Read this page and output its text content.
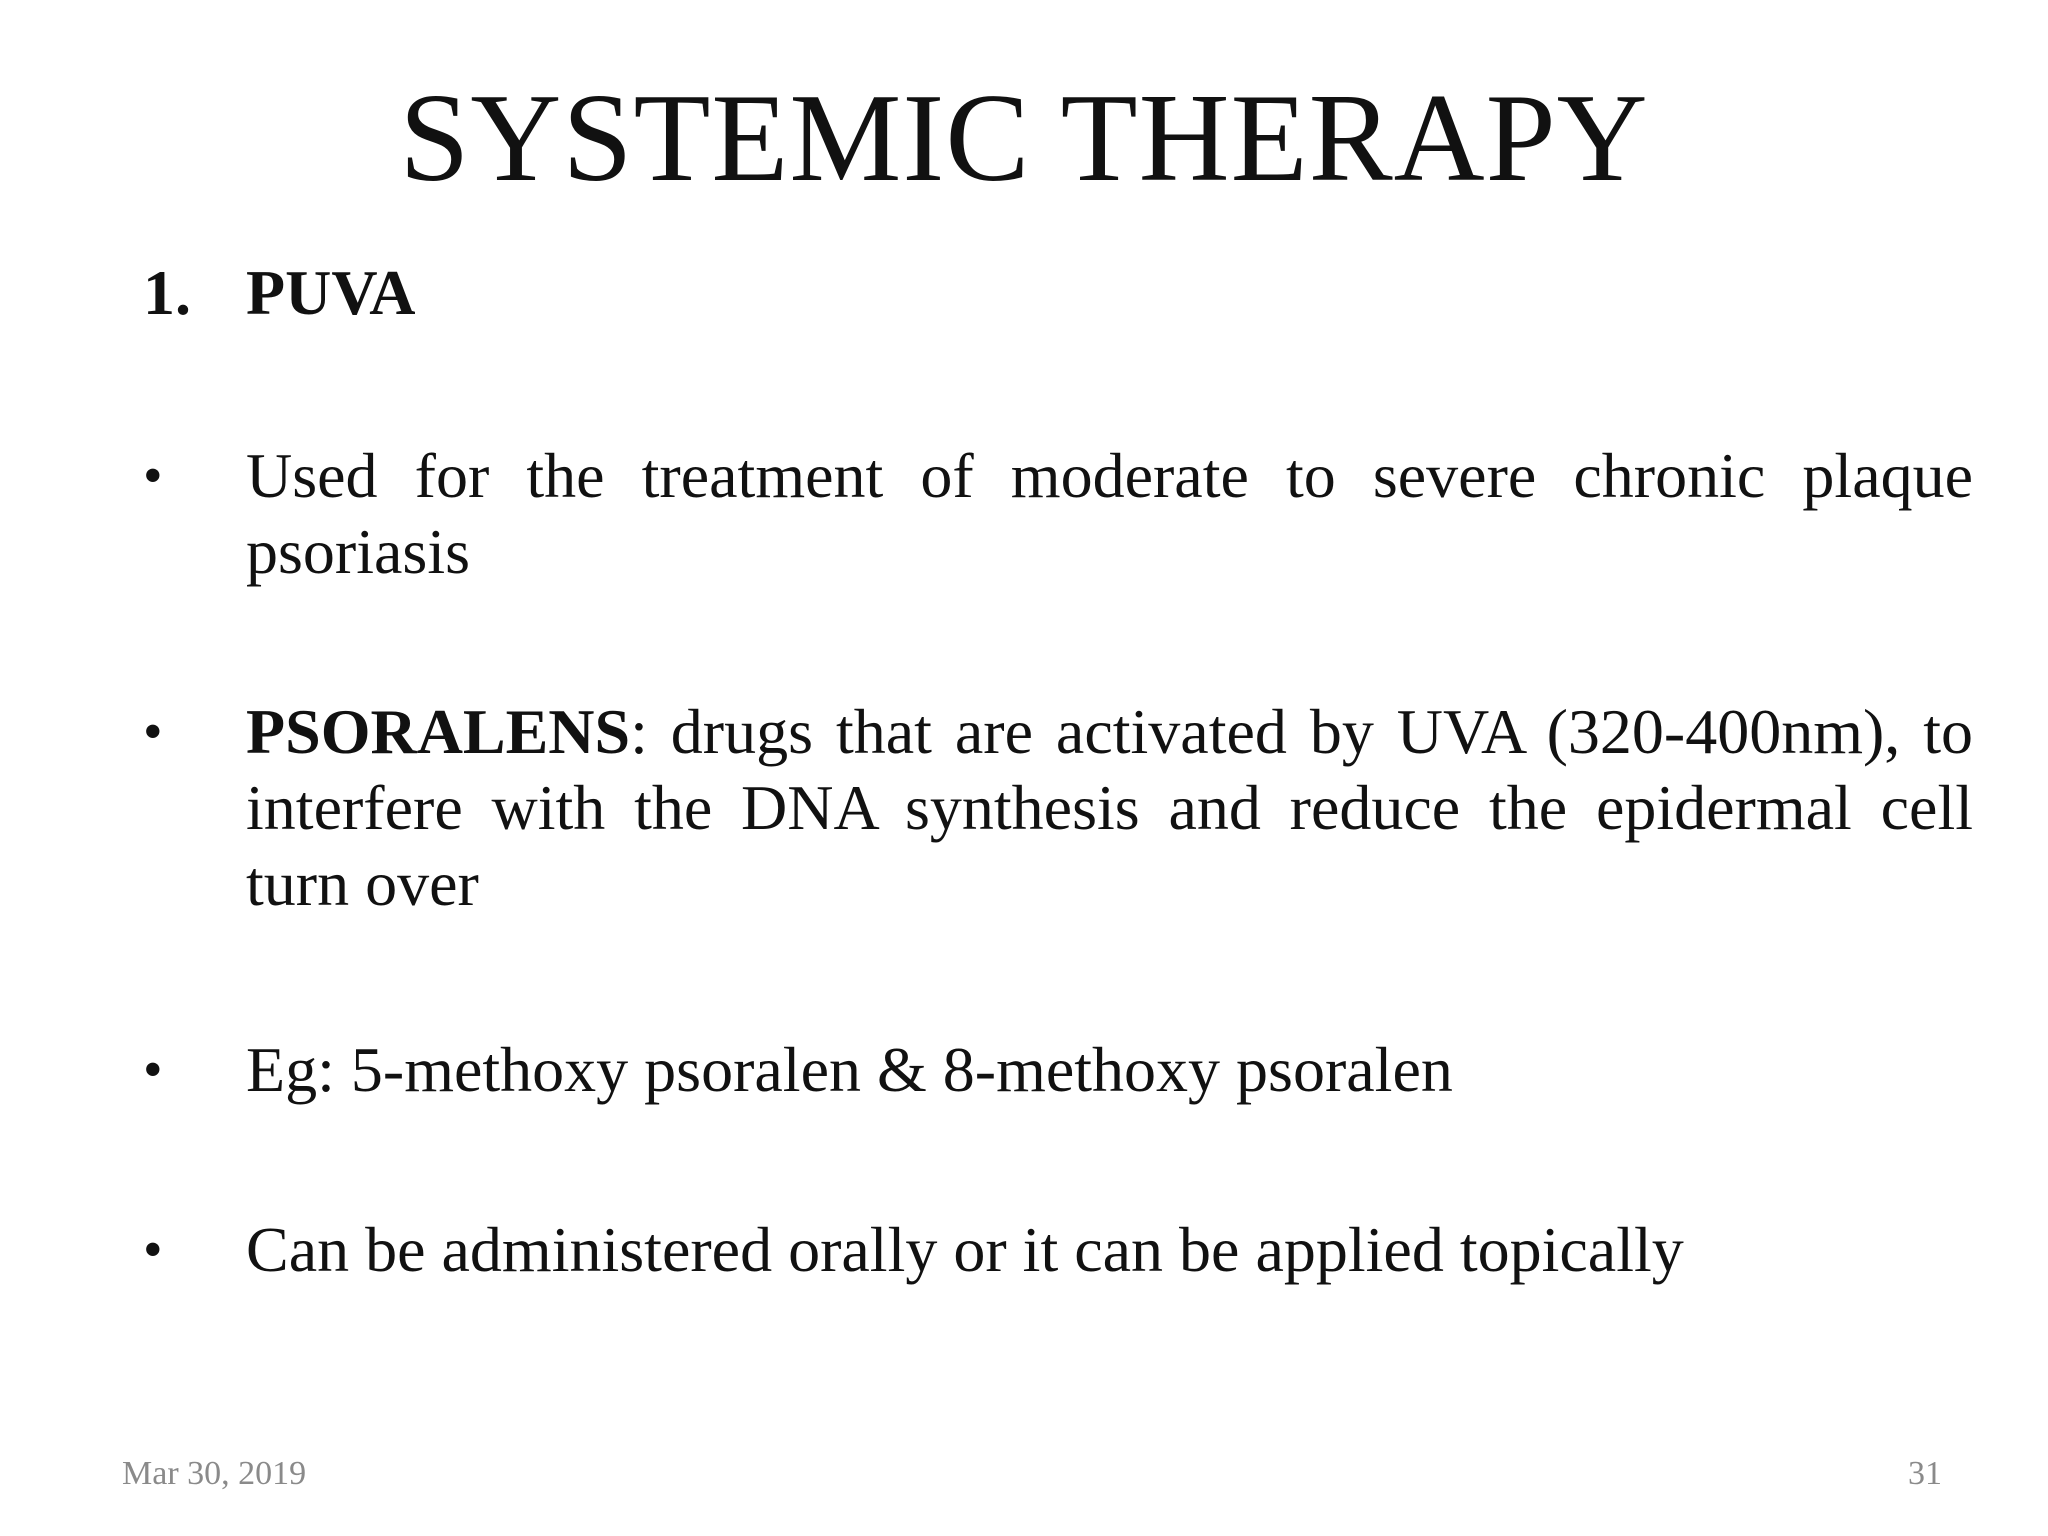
SYSTEMIC THERAPY
1. PUVA
•	Used for the treatment of moderate to severe chronic plaque psoriasis
•	PSORALENS: drugs that are activated by UVA (320-400nm), to interfere with the DNA synthesis and reduce the epidermal cell turn over
•	Eg: 5-methoxy psoralen & 8-methoxy psoralen
•	Can be administered orally or it can be applied topically
Mar 30, 2019	31
